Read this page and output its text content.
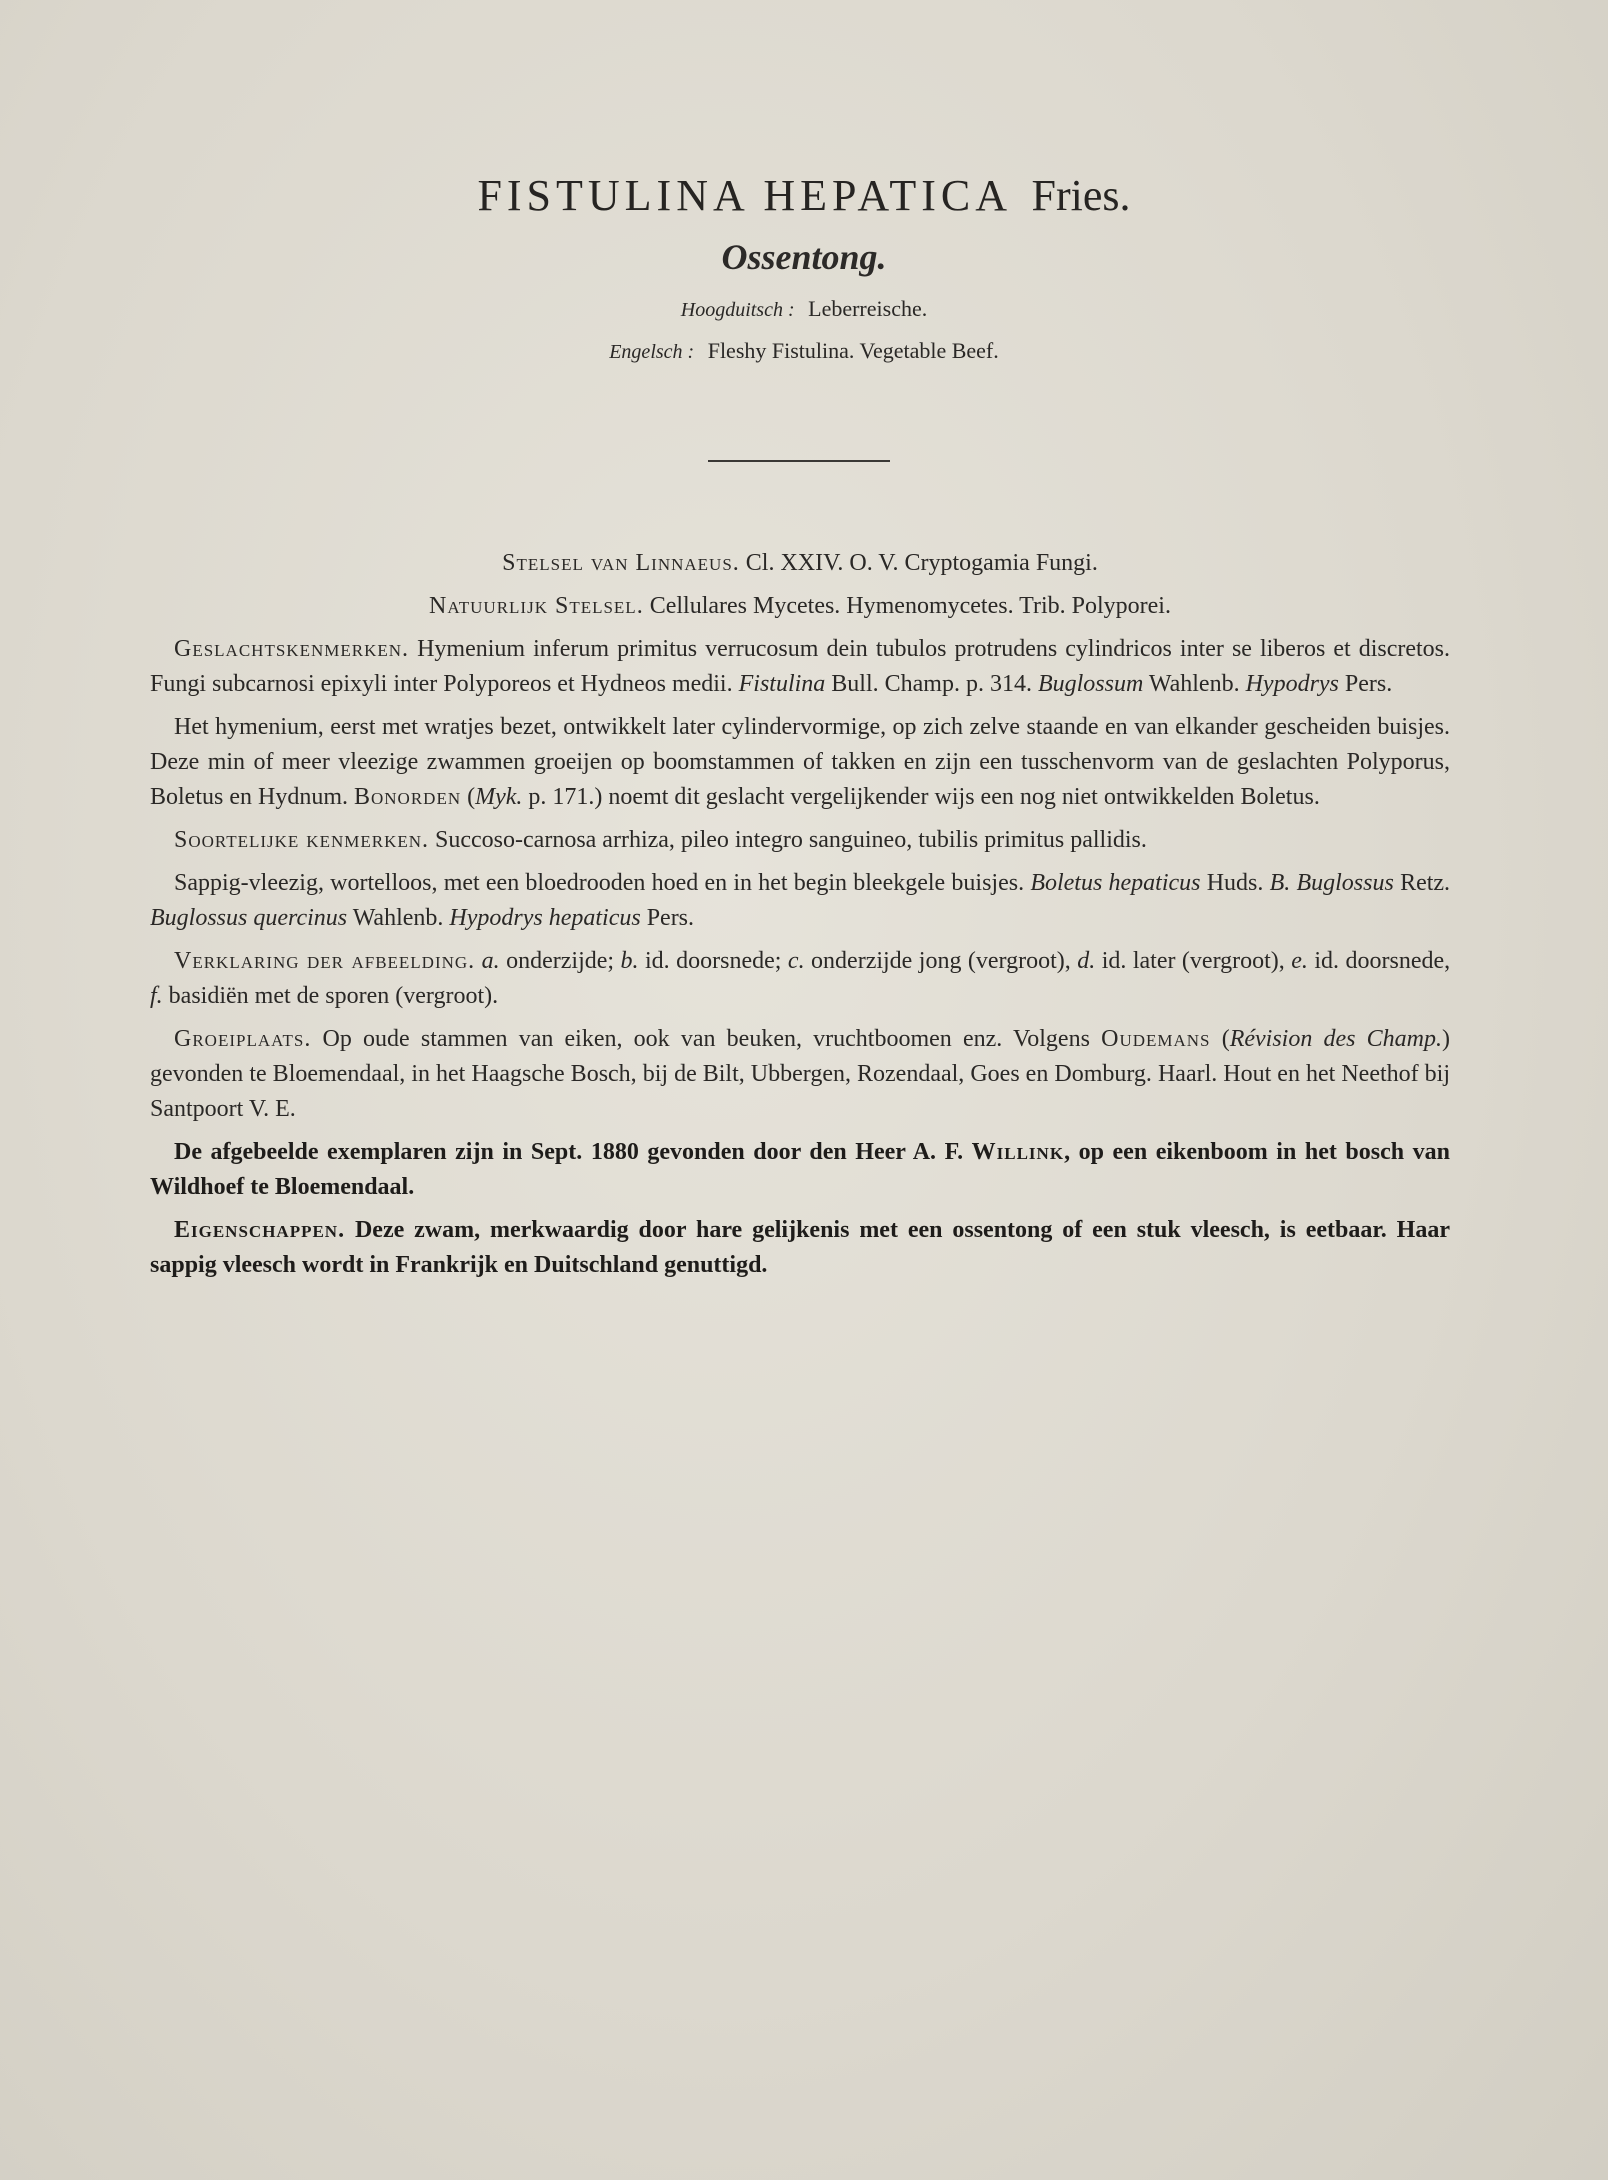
FISTULINA HEPATICA Fries.
Ossentong.
Hoogduitsch : Leberreische.
Engelsch : Fleshy Fistulina. Vegetable Beef.

Stelsel van Linnaeus. Cl. XXIV. O. V. Cryptogamia Fungi.

Natuurlijk Stelsel. Cellulares Mycetes. Hymenomycetes. Trib. Polyporei.

Geslachtskenmerken. Hymenium inferum primitus verrucosum dein tubulos protrudens cylindricos inter se liberos et discretos. Fungi subcarnosi epixyli inter Polyporeos et Hydneos medii. Fistulina Bull. Champ. p. 314. Buglossum Wahlenb. Hypodrys Pers.

Het hymenium, eerst met wratjes bezet, ontwikkelt later cylindervormige, op zich zelve staande en van elkander gescheiden buisjes. Deze min of meer vleezige zwammen groeijen op boomstammen of takken en zijn een tusschenvorm van de geslachten Polyporus, Boletus en Hydnum. Bonorden (Myk. p. 171.) noemt dit geslacht vergelijkender wijs een nog niet ontwikkelden Boletus.

Soortelijke kenmerken. Succoso-carnosa arrhiza, pileo integro sanguineo, tubilis primitus pallidis.

Sappig-vleezig, wortelloos, met een bloedrooden hoed en in het begin bleekgele buisjes. Boletus hepaticus Huds. B. Buglossus Retz. Buglossus quercinus Wahlenb. Hypodrys hepaticus Pers.

Verklaring der afbeelding. a. onderzijde; b. id. doorsnede; c. onderzijde jong (vergroot), d. id. later (vergroot), e. id. doorsnede, f. basidiën met de sporen (vergroot).

Groeiplaats. Op oude stammen van eiken, ook van beuken, vruchtboomen enz. Volgens Oudemans (Révision des Champ.) gevonden te Bloemendaal, in het Haagsche Bosch, bij de Bilt, Ubbergen, Rozendaal, Goes en Domburg. Haarl. Hout en het Neethof bij Santpoort V. E.

De afgebeelde exemplaren zijn in Sept. 1880 gevonden door den Heer A. F. Willink, op een eikenboom in het bosch van Wildhoef te Bloemendaal.

Eigenschappen. Deze zwam, merkwaardig door hare gelijkenis met een ossentong of een stuk vleesch, is eetbaar. Haar sappig vleesch wordt in Frankrijk en Duitschland genuttigd.
